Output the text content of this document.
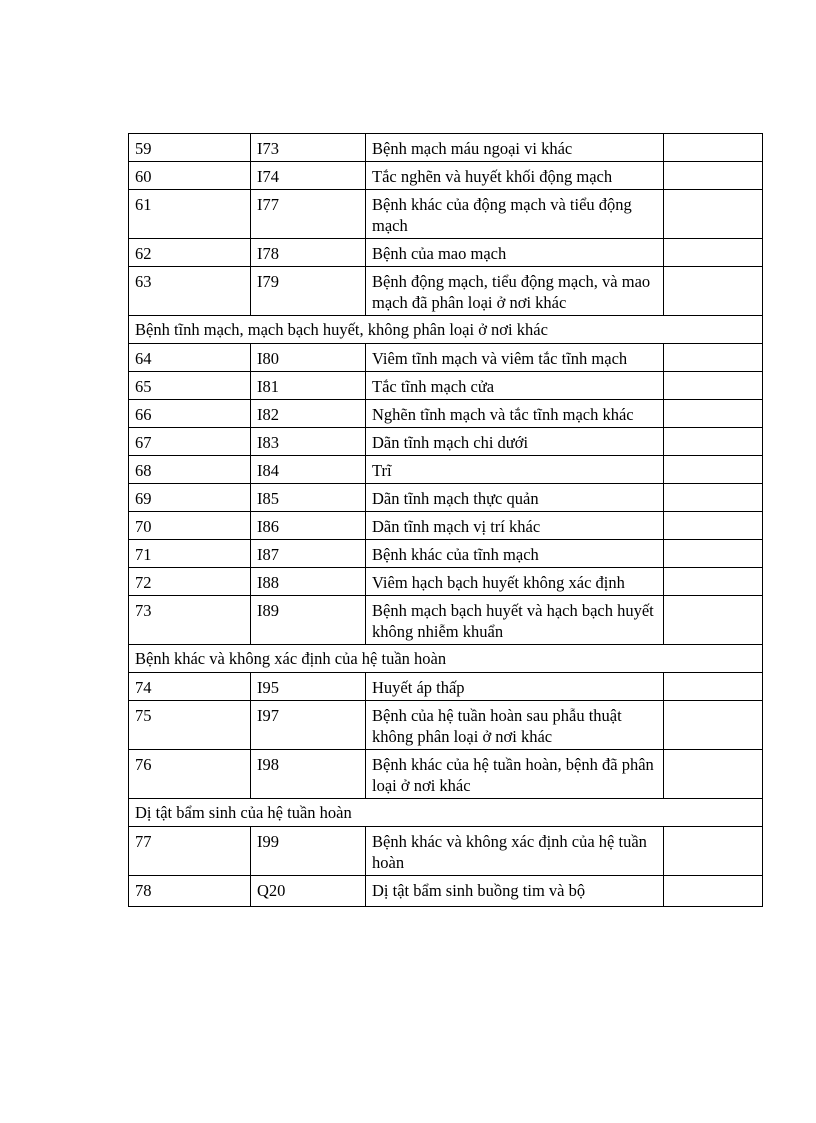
59	I73	Bệnh mạch máu ngoại vi khác	
60	I74	Tắc nghẽn và huyết khối động mạch	
61	I77	Bệnh khác của động mạch và tiểu động mạch	
62	I78	Bệnh của mao mạch	
63	I79	Bệnh động mạch, tiểu động mạch, và mao mạch đã phân loại ở nơi khác	
Bệnh tĩnh mạch, mạch bạch huyết, không phân loại ở nơi khác			
64	I80	Viêm tĩnh mạch và viêm tắc tĩnh mạch	
65	I81	Tắc tĩnh mạch cửa	
66	I82	Nghẽn tĩnh mạch và tắc tĩnh mạch khác	
67	I83	Dãn tĩnh mạch chi dưới	
68	I84	Trĩ	
69	I85	Dãn tĩnh mạch thực quản	
70	I86	Dãn tĩnh mạch vị trí khác	
71	I87	Bệnh khác của tĩnh mạch	
72	I88	Viêm hạch bạch huyết không xác định	
73	I89	Bệnh mạch bạch huyết và hạch bạch huyết không nhiễm khuẩn	
Bệnh khác và không xác định của hệ tuần hoàn			
74	I95	Huyết áp thấp	
75	I97	Bệnh của hệ tuần hoàn sau phẫu thuật không phân loại ở nơi khác	
76	I98	Bệnh khác của hệ tuần hoàn, bệnh đã phân loại ở nơi khác	
Dị tật bẩm sinh của hệ tuần hoàn			
77	I99	Bệnh khác và không xác định của hệ tuần hoàn	
78	Q20	Dị tật bẩm sinh buồng tim và bộ	
